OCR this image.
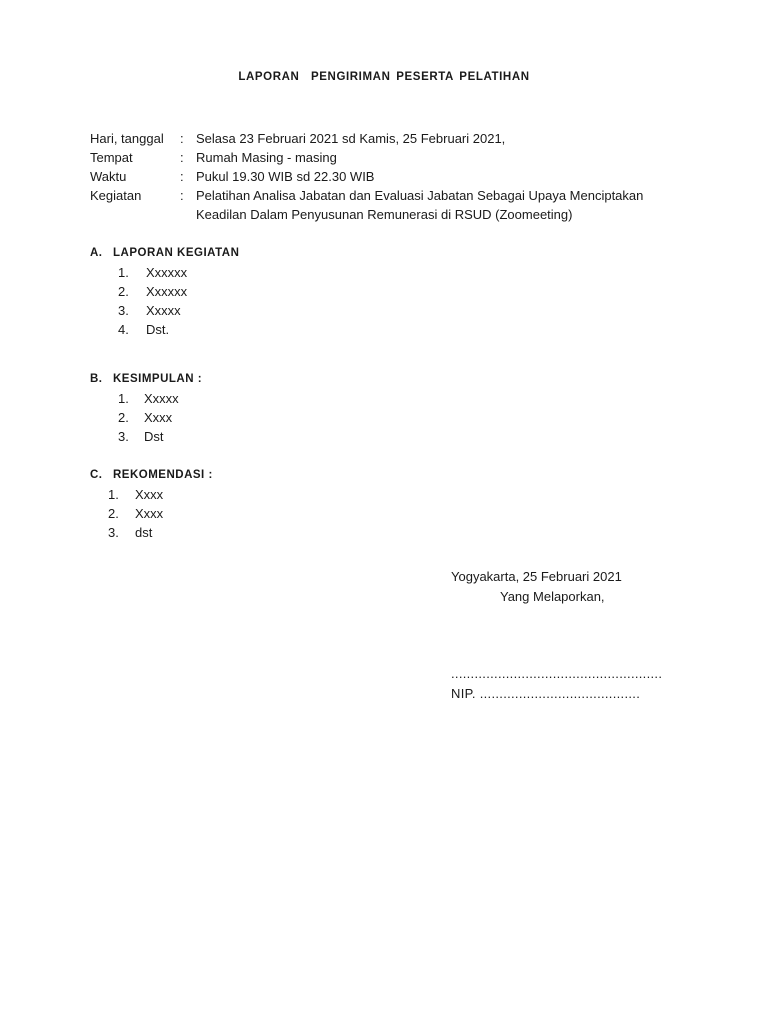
LAPORAN  PENGIRIMAN PESERTA PELATIHAN
Hari, tanggal	: Selasa 23 Februari 2021 sd Kamis, 25 Februari 2021,
Tempat	: Rumah Masing - masing
Waktu	: Pukul 19.30 WIB sd 22.30 WIB
Kegiatan	: Pelatihan Analisa Jabatan dan Evaluasi Jabatan Sebagai Upaya Menciptakan Keadilan Dalam Penyusunan Remunerasi di RSUD (Zoomeeting)
A. LAPORAN KEGIATAN
1.	Xxxxxx
2.	Xxxxxx
3.	Xxxxx
4.	Dst.
B. KESIMPULAN :
1.	Xxxxx
2.	Xxxx
3.	Dst
C. REKOMENDASI :
1.	Xxxx
2.	Xxxx
3.	dst
Yogyakarta, 25 Februari 2021
Yang Melaporkan,
......................................................
NIP. .........................................
